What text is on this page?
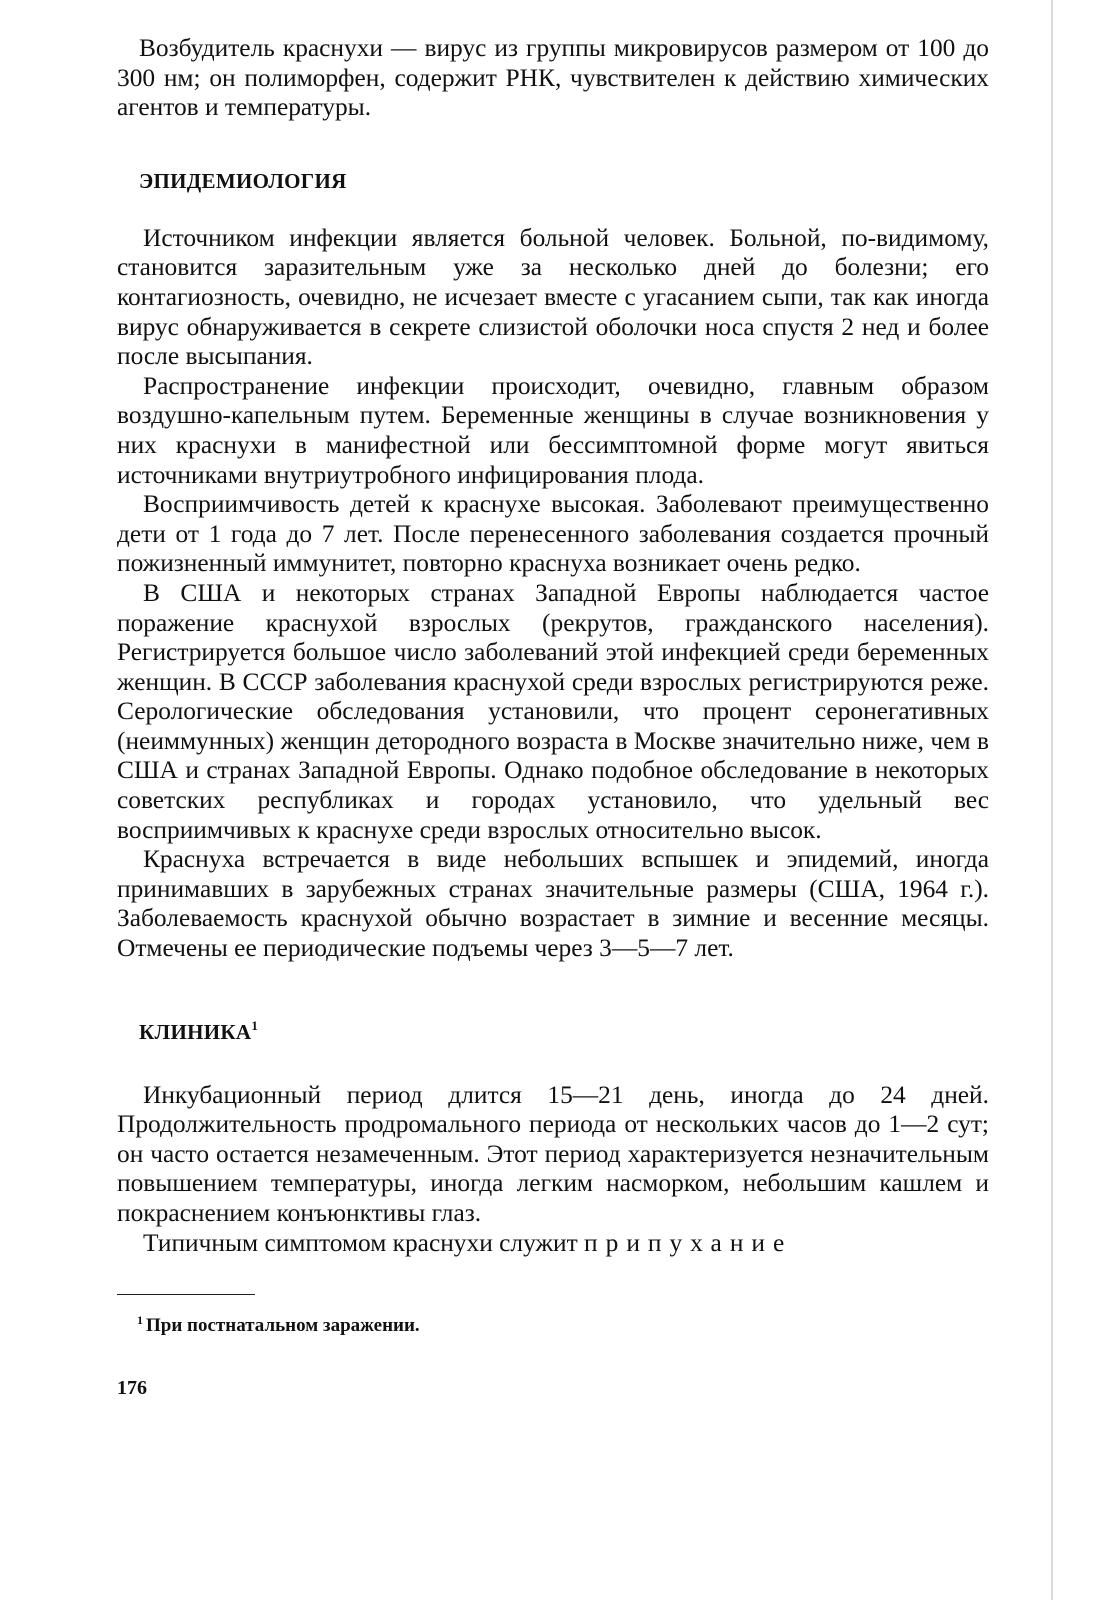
Возбудитель краснухи — вирус из группы микровирусов размером от 100 до 300 нм; он полиморфен, содержит РНК, чувствителен к действию химических агентов и температуры.

ЭПИДЕМИОЛОГИЯ

Источником инфекции является больной человек. Больной, по-видимому, становится заразительным уже за несколько дней до болезни; его контагиозность, очевидно, не исчезает вместе с угасанием сыпи, так как иногда вирус обнаруживается в секрете слизистой оболочки носа спустя 2 нед и более после высыпания.

Распространение инфекции происходит, очевидно, главным образом воздушно-капельным путем. Беременные женщины в случае возникновения у них краснухи в манифестной или бессимптомной форме могут явиться источниками внутриутробного инфицирования плода.

Восприимчивость детей к краснухе высокая. Заболевают преимущественно дети от 1 года до 7 лет. После перенесенного заболевания создается прочный пожизненный иммунитет, повторно краснуха возникает очень редко.

В США и некоторых странах Западной Европы наблюдается частое поражение краснухой взрослых (рекрутов, гражданского населения). Регистрируется большое число заболеваний этой инфекцией среди беременных женщин. В СССР заболевания краснухой среди взрослых регистрируются реже. Серологические обследования установили, что процент серонегативных (неиммунных) женщин детородного возраста в Москве значительно ниже, чем в США и странах Западной Европы. Однако подобное обследование в некоторых советских республиках и городах установило, что удельный вес восприимчивых к краснухе среди взрослых относительно высок.

Краснуха встречается в виде небольших вспышек и эпидемий, иногда принимавших в зарубежных странах значительные размеры (США, 1964 г.). Заболеваемость краснухой обычно возрастает в зимние и весенние месяцы. Отмечены ее периодические подъемы через 3—5—7 лет.

КЛИНИКА$^1$

Инкубационный период длится 15—21 день, иногда до 24 дней. Продолжительность продромального периода от нескольких часов до 1—2 сут; он часто остается незамеченным. Этот период характеризуется незначительным повышением температуры, иногда легким насморком, небольшим кашлем и покраснением конъюнктивы глаз.

Типичным симптомом краснухи служит припухание

$^1$ При постнатальном заражении.
176
